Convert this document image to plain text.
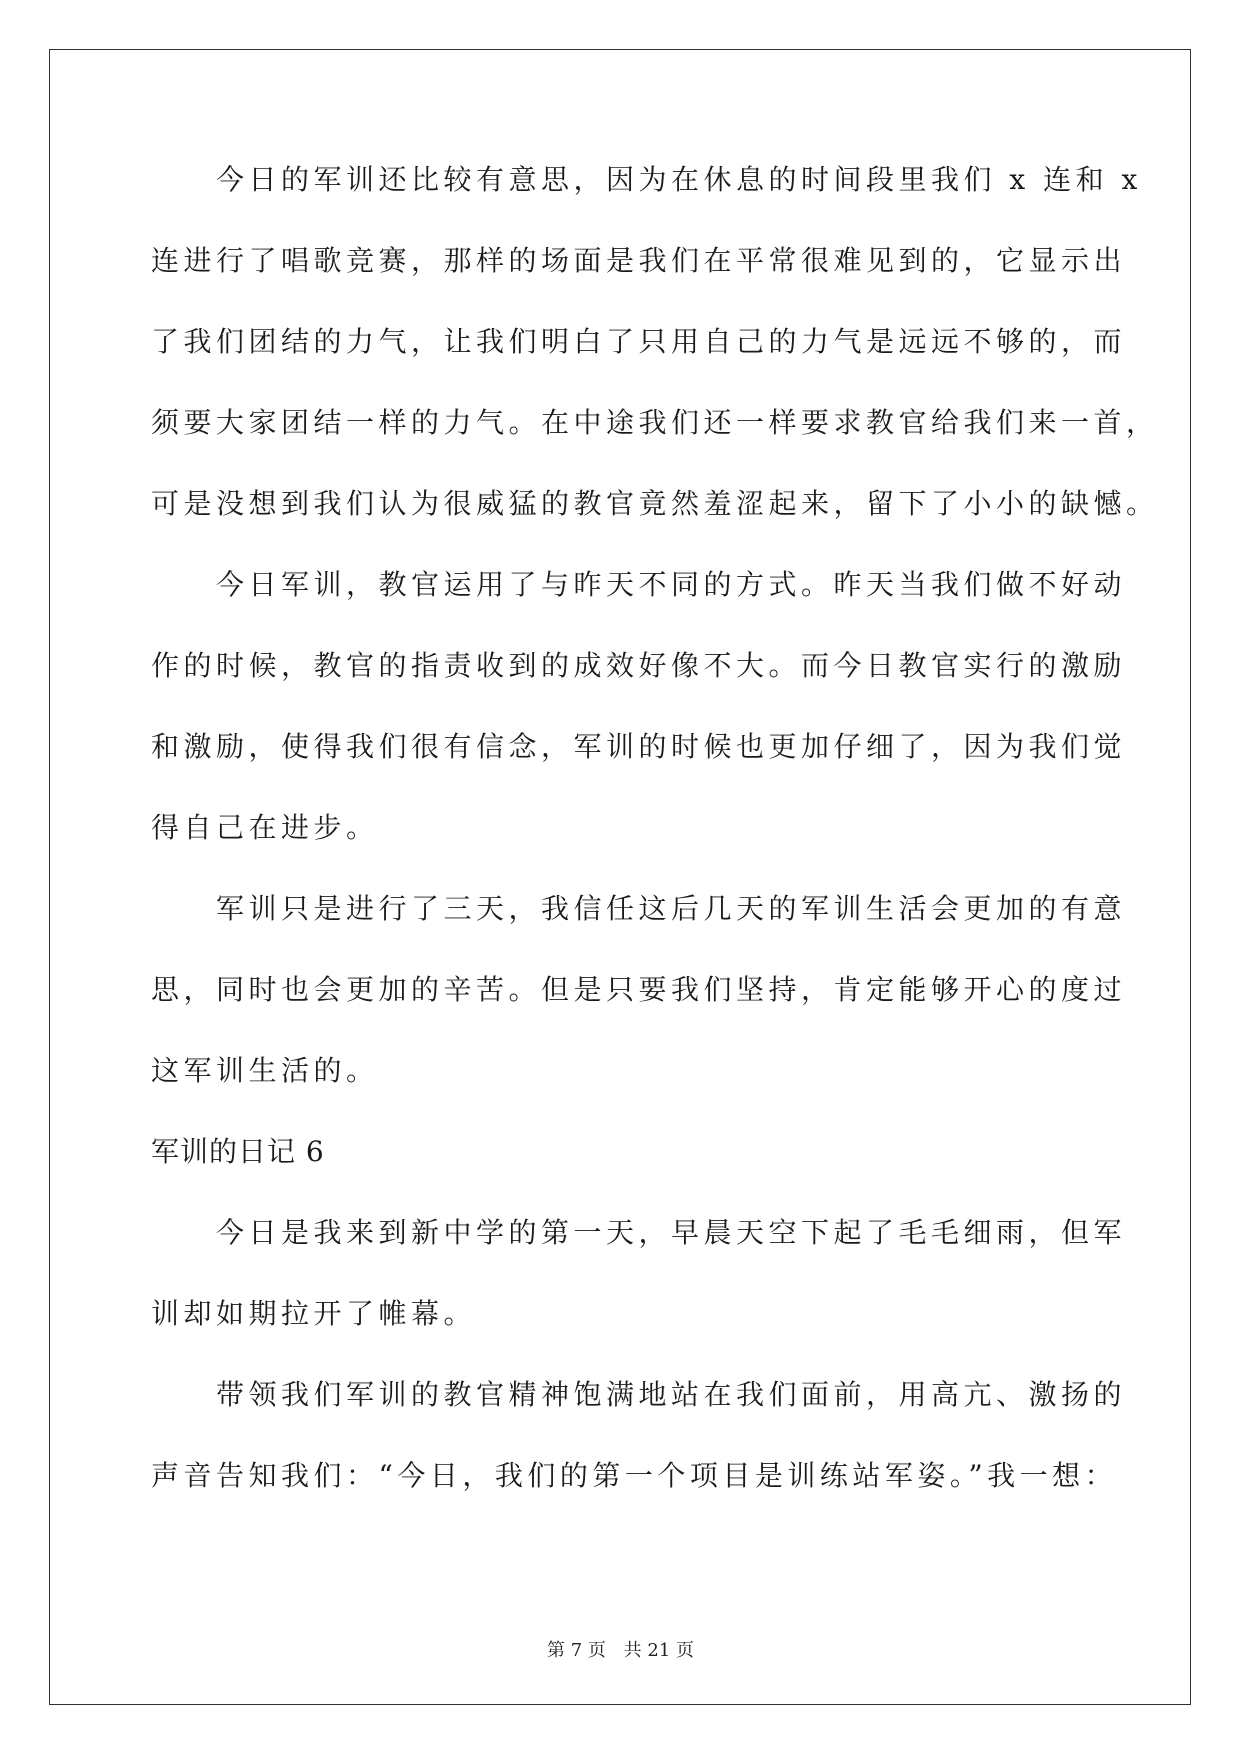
　　今日的军训还比较有意思，因为在休息的时间段里我们 x 连和 x
连进行了唱歌竞赛，那样的场面是我们在平常很难见到的，它显示出
了我们团结的力气，让我们明白了只用自己的力气是远远不够的，而
须要大家团结一样的力气。在中途我们还一样要求教官给我们来一首，
可是没想到我们认为很威猛的教官竟然羞涩起来，留下了小小的缺憾。
　　今日军训，教官运用了与昨天不同的方式。昨天当我们做不好动
作的时候，教官的指责收到的成效好像不大。而今日教官实行的激励
和激励，使得我们很有信念，军训的时候也更加仔细了，因为我们觉
得自己在进步。
　　军训只是进行了三天，我信任这后几天的军训生活会更加的有意
思，同时也会更加的辛苦。但是只要我们坚持，肯定能够开心的度过
这军训生活的。
军训的日记 6
　　今日是我来到新中学的第一天，早晨天空下起了毛毛细雨，但军
训却如期拉开了帷幕。
　　带领我们军训的教官精神饱满地站在我们面前，用高亢、激扬的
声音告知我们：“今日，我们的第一个项目是训练站军姿。”我一想：
第 7 页 共 21 页
